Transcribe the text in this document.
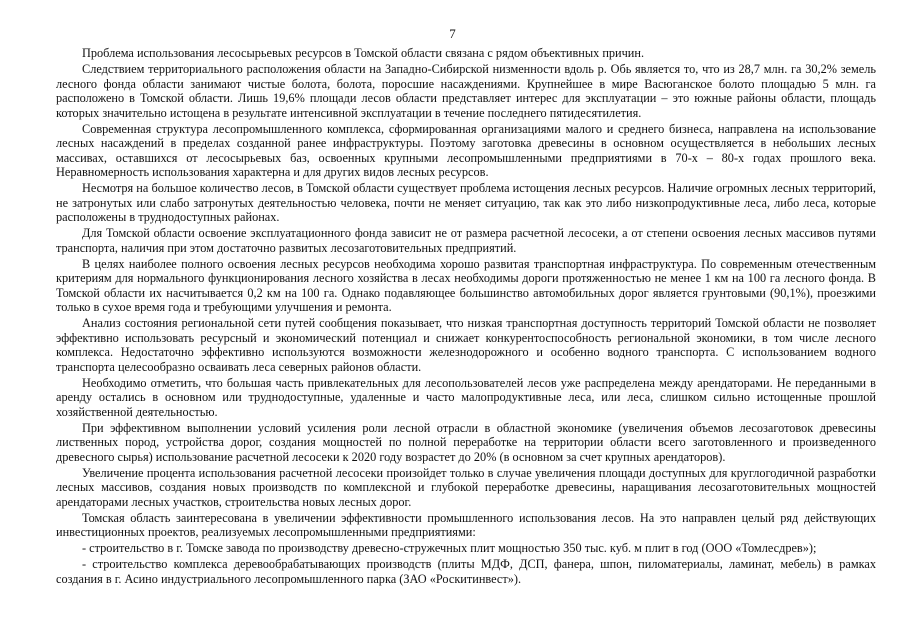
7

Проблема использования лесосырьевых ресурсов в Томской области связана с рядом объективных причин.

Следствием территориального расположения области на Западно-Сибирской низменности вдоль р. Обь является то, что из 28,7 млн. га 30,2% земель лесного фонда области занимают чистые болота, болота, поросшие насаждениями. Крупнейшее в мире Васюганское болото площадью 5 млн. га расположено в Томской области. Лишь 19,6% площади лесов области представляет интерес для эксплуатации – это южные районы области, площадь которых значительно истощена в результате интенсивной эксплуатации в течение последнего пятидесятилетия.

Современная структура лесопромышленного комплекса, сформированная организациями малого и среднего бизнеса, направлена на использование лесных насаждений в пределах созданной ранее инфраструктуры. Поэтому заготовка древесины в основном осуществляется в небольших лесных массивах, оставшихся от лесосырьевых баз, освоенных крупными лесопромышленными предприятиями в 70-х – 80-х годах прошлого века. Неравномерность использования характерна и для других видов лесных ресурсов.

Несмотря на большое количество лесов, в Томской области существует проблема истощения лесных ресурсов. Наличие огромных лесных территорий, не затронутых или слабо затронутых деятельностью человека, почти не меняет ситуацию, так как это либо низкопродуктивные леса, либо леса, которые расположены в труднодоступных районах.

Для Томской области освоение эксплуатационного фонда зависит не от размера расчетной лесосеки, а от степени освоения лесных массивов путями транспорта, наличия при этом достаточно развитых лесозаготовительных предприятий.

В целях наиболее полного освоения лесных ресурсов необходима хорошо развитая транспортная инфраструктура. По современным отечественным критериям для нормального функционирования лесного хозяйства в лесах необходимы дороги протяженностью не менее 1 км на 100 га лесного фонда. В Томской области их насчитывается 0,2 км на 100 га. Однако подавляющее большинство автомобильных дорог является грунтовыми (90,1%), проезжими только в сухое время года и требующими улучшения и ремонта.

Анализ состояния региональной сети путей сообщения показывает, что низкая транспортная доступность территорий Томской области не позволяет эффективно использовать ресурсный и экономический потенциал и снижает конкурентоспособность региональной экономики, в том числе лесного комплекса. Недостаточно эффективно используются возможности железнодорожного и особенно водного транспорта. С использованием водного транспорта целесообразно осваивать леса северных районов области.

Необходимо отметить, что большая часть привлекательных для лесопользователей лесов уже распределена между арендаторами. Не переданными в аренду остались в основном или труднодоступные, удаленные и часто малопродуктивные леса, или леса, слишком сильно истощенные прошлой хозяйственной деятельностью.

При эффективном выполнении условий усиления роли лесной отрасли в областной экономике (увеличения объемов лесозаготовок древесины лиственных пород, устройства дорог, создания мощностей по полной переработке на территории области всего заготовленного и произведенного древесного сырья) использование расчетной лесосеки к 2020 году возрастет до 20% (в основном за счет крупных арендаторов).

Увеличение процента использования расчетной лесосеки произойдет только в случае увеличения площади доступных для круглогодичной разработки лесных массивов, создания новых производств по комплексной и глубокой переработке древесины, наращивания лесозаготовительных мощностей арендаторами лесных участков, строительства новых лесных дорог.

Томская область заинтересована в увеличении эффективности промышленного использования лесов. На это направлен целый ряд действующих инвестиционных проектов, реализуемых лесопромышленными предприятиями:

- строительство в г. Томске завода по производству древесно-стружечных плит мощностью 350 тыс. куб. м плит в год (ООО «Томлесдрев»);

- строительство комплекса деревообрабатывающих производств (плиты МДФ, ДСП, фанера, шпон, пиломатериалы, ламинат, мебель) в рамках создания в г. Асино индустриального лесопромышленного парка (ЗАО «Роскитинвест»).
